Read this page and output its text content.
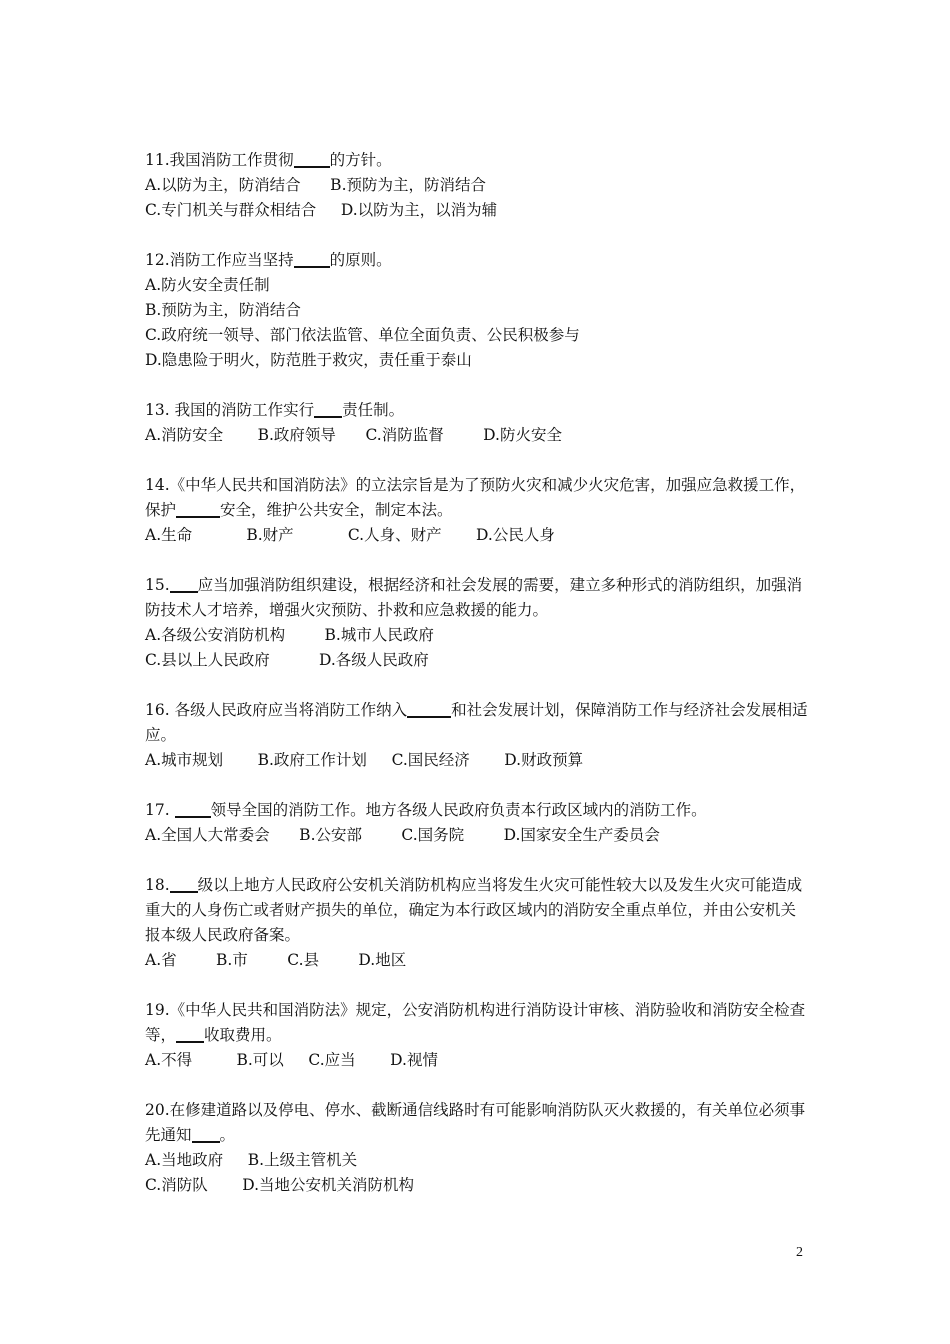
11.我国消防工作贯彻 的方针。

A.以防为主，防消结合      B.预防为主，防消结合

C.专门机关与群众相结合     D.以防为主，以消为辅

12.消防工作应当坚持 的原则。

A.防火安全责任制

B.预防为主，防消结合

C.政府统一领导、部门依法监管、单位全面负责、公民积极参与

D.隐患险于明火，防范胜于救灾，责任重于泰山

13. 我国的消防工作实行 责任制。

A.消防安全       B.政府领导      C.消防监督        D.防火安全

14.《中华人民共和国消防法》的立法宗旨是为了预防火灾和减少火灾危害，加强应急救援工作，保护	安全，维护公共安全，制定本法。

A.生命           B.财产           C.人身、财产       D.公民人身

15. 应当加强消防组织建设，根据经济和社会发展的需要，建立多种形式的消防组织，加强消防技术人才培养，增强火灾预防、扑救和应急救援的能力。

A.各级公安消防机构        B.城市人民政府

C.县以上人民政府          D.各级人民政府

16. 各级人民政府应当将消防工作纳入	和社会发展计划，保障消防工作与经济社会发展相适应。

A.城市规划       B.政府工作计划     C.国民经济       D.财政预算

17. 领导全国的消防工作。地方各级人民政府负责本行政区域内的消防工作。

A.全国人大常委会      B.公安部        C.国务院        D.国家安全生产委员会

18. 级以上地方人民政府公安机关消防机构应当将发生火灾可能性较大以及发生火灾可能造成重大的人身伤亡或者财产损失的单位，确定为本行政区域内的消防安全重点单位，并由公安机关报本级人民政府备案。

A.省        B.市        C.县        D.地区

19.《中华人民共和国消防法》规定，公安消防机构进行消防设计审核、消防验收和消防安全检查等， 收取费用。

A.不得         B.可以     C.应当       D.视情

20.在修建道路以及停电、停水、截断通信线路时有可能影响消防队灭火救援的，有关单位必须事先通知 。

A.当地政府     B.上级主管机关

C.消防队       D.当地公安机关消防机构

2
